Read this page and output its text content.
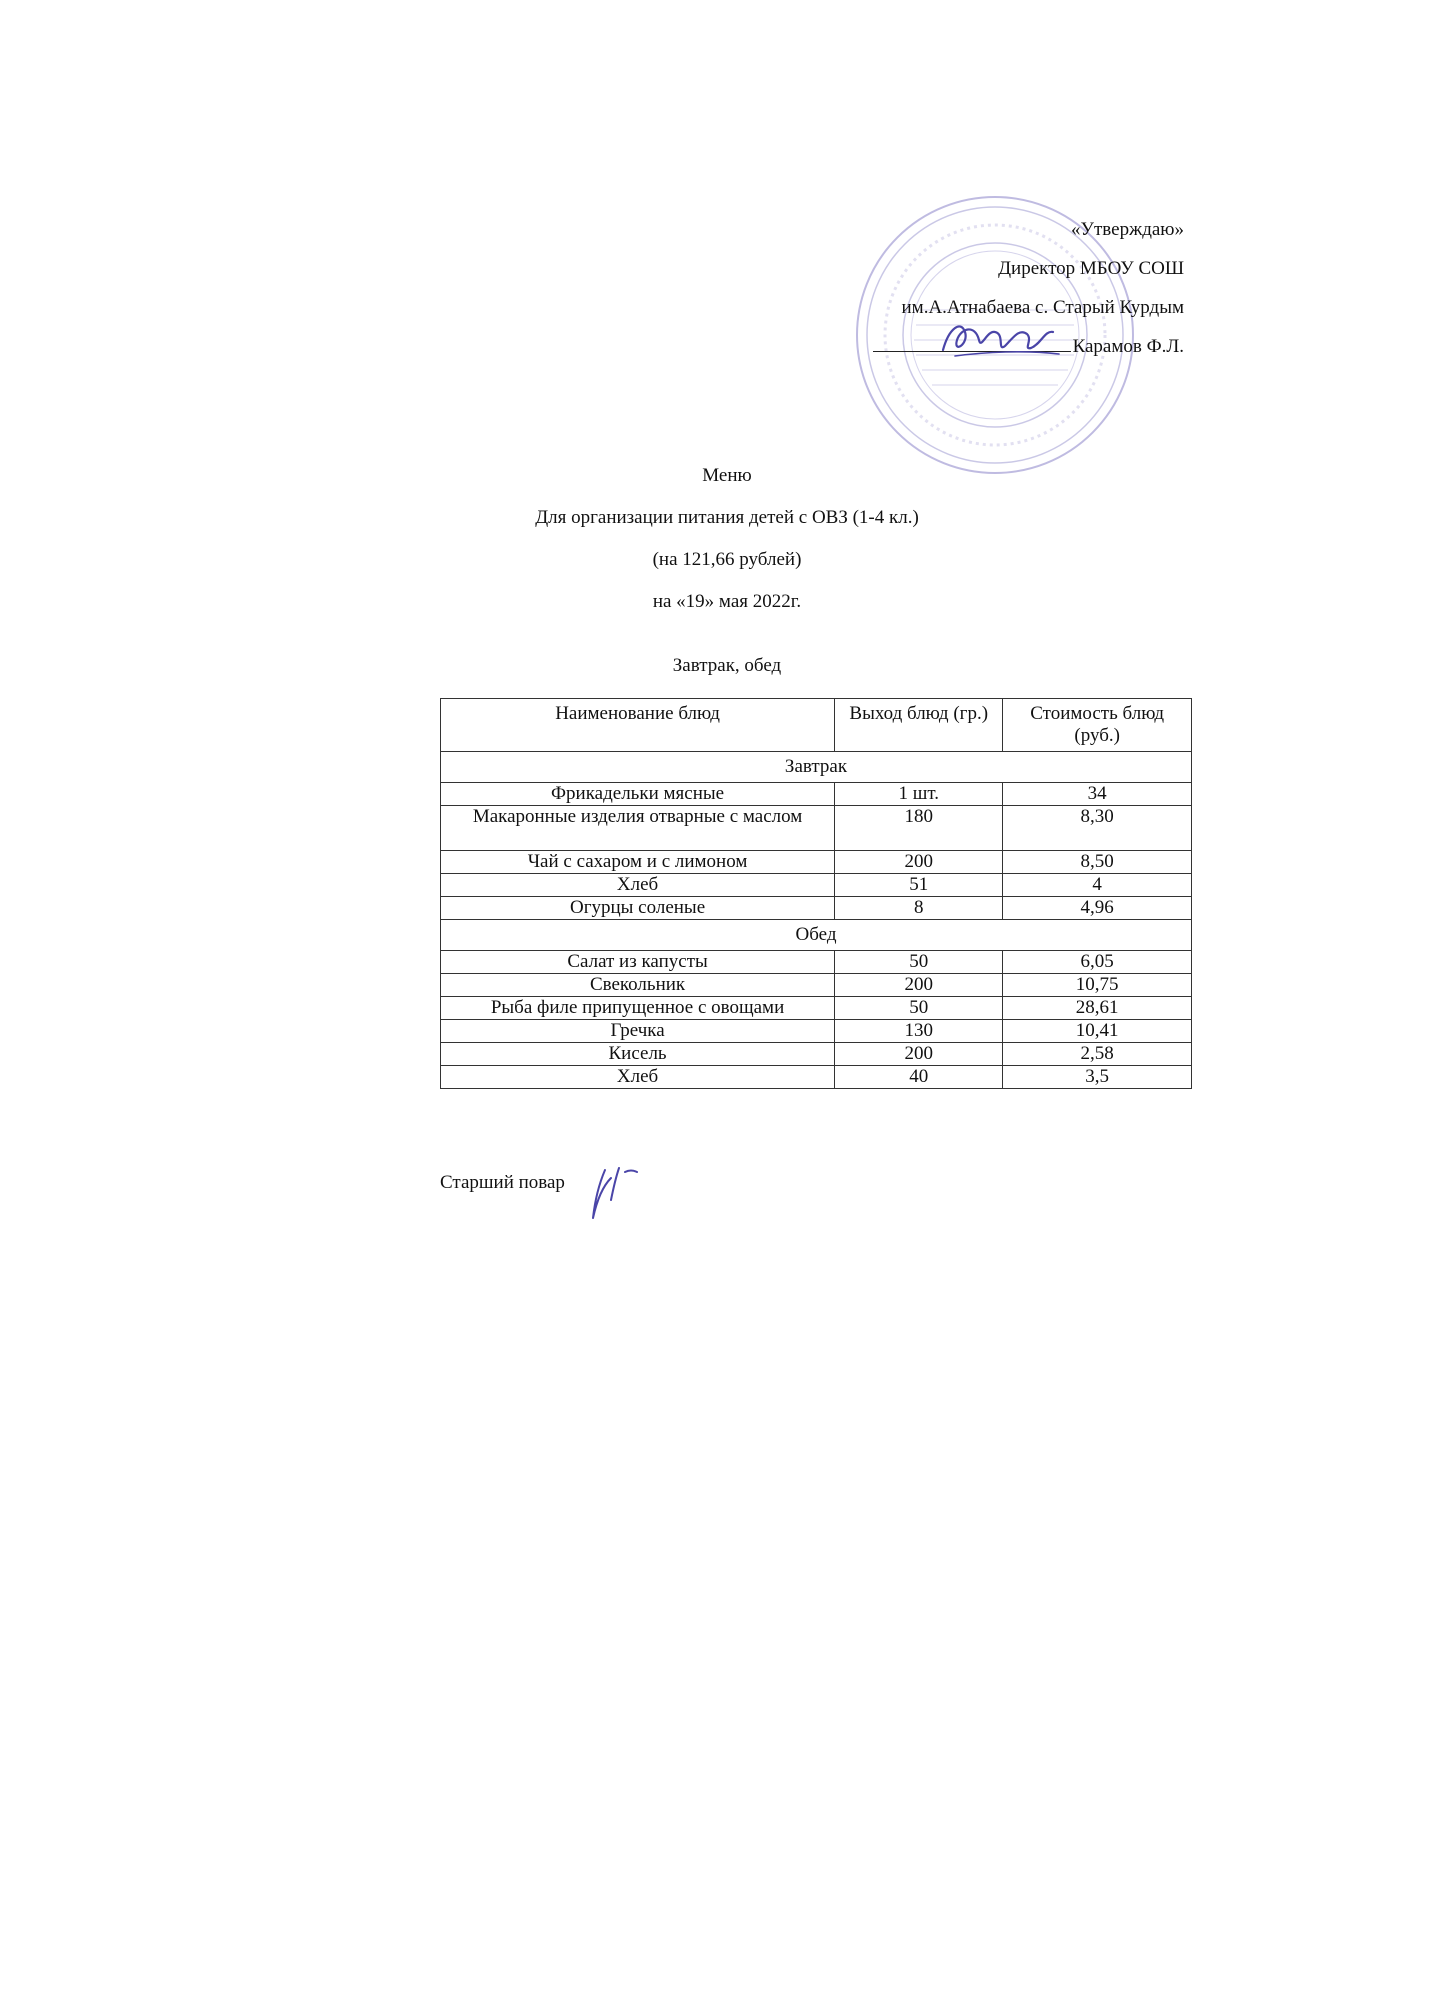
«Утверждаю»
Директор МБОУ СОШ
им.А.Атнабаева с. Старый Курдым
Карамов Ф.Л.
Меню
Для организации питания детей с ОВЗ (1-4 кл.)
(на 121,66 рублей)
на «19» мая 2022г.
Завтрак, обед
Наименование блюд	Выход блюд (гр.)	Стоимость блюд (руб.)
Завтрак		
Фрикадельки мясные	1 шт.	34
Макаронные изделия отварные с маслом	180	8,30
Чай с сахаром и с лимоном	200	8,50
Хлеб	51	4
Огурцы соленые	8	4,96
Обед		
Салат из капусты	50	6,05
Свекольник	200	10,75
Рыба филе припущенное с овощами	50	28,61
Гречка	130	10,41
Кисель	200	2,58
Хлеб	40	3,5
Старший повар
